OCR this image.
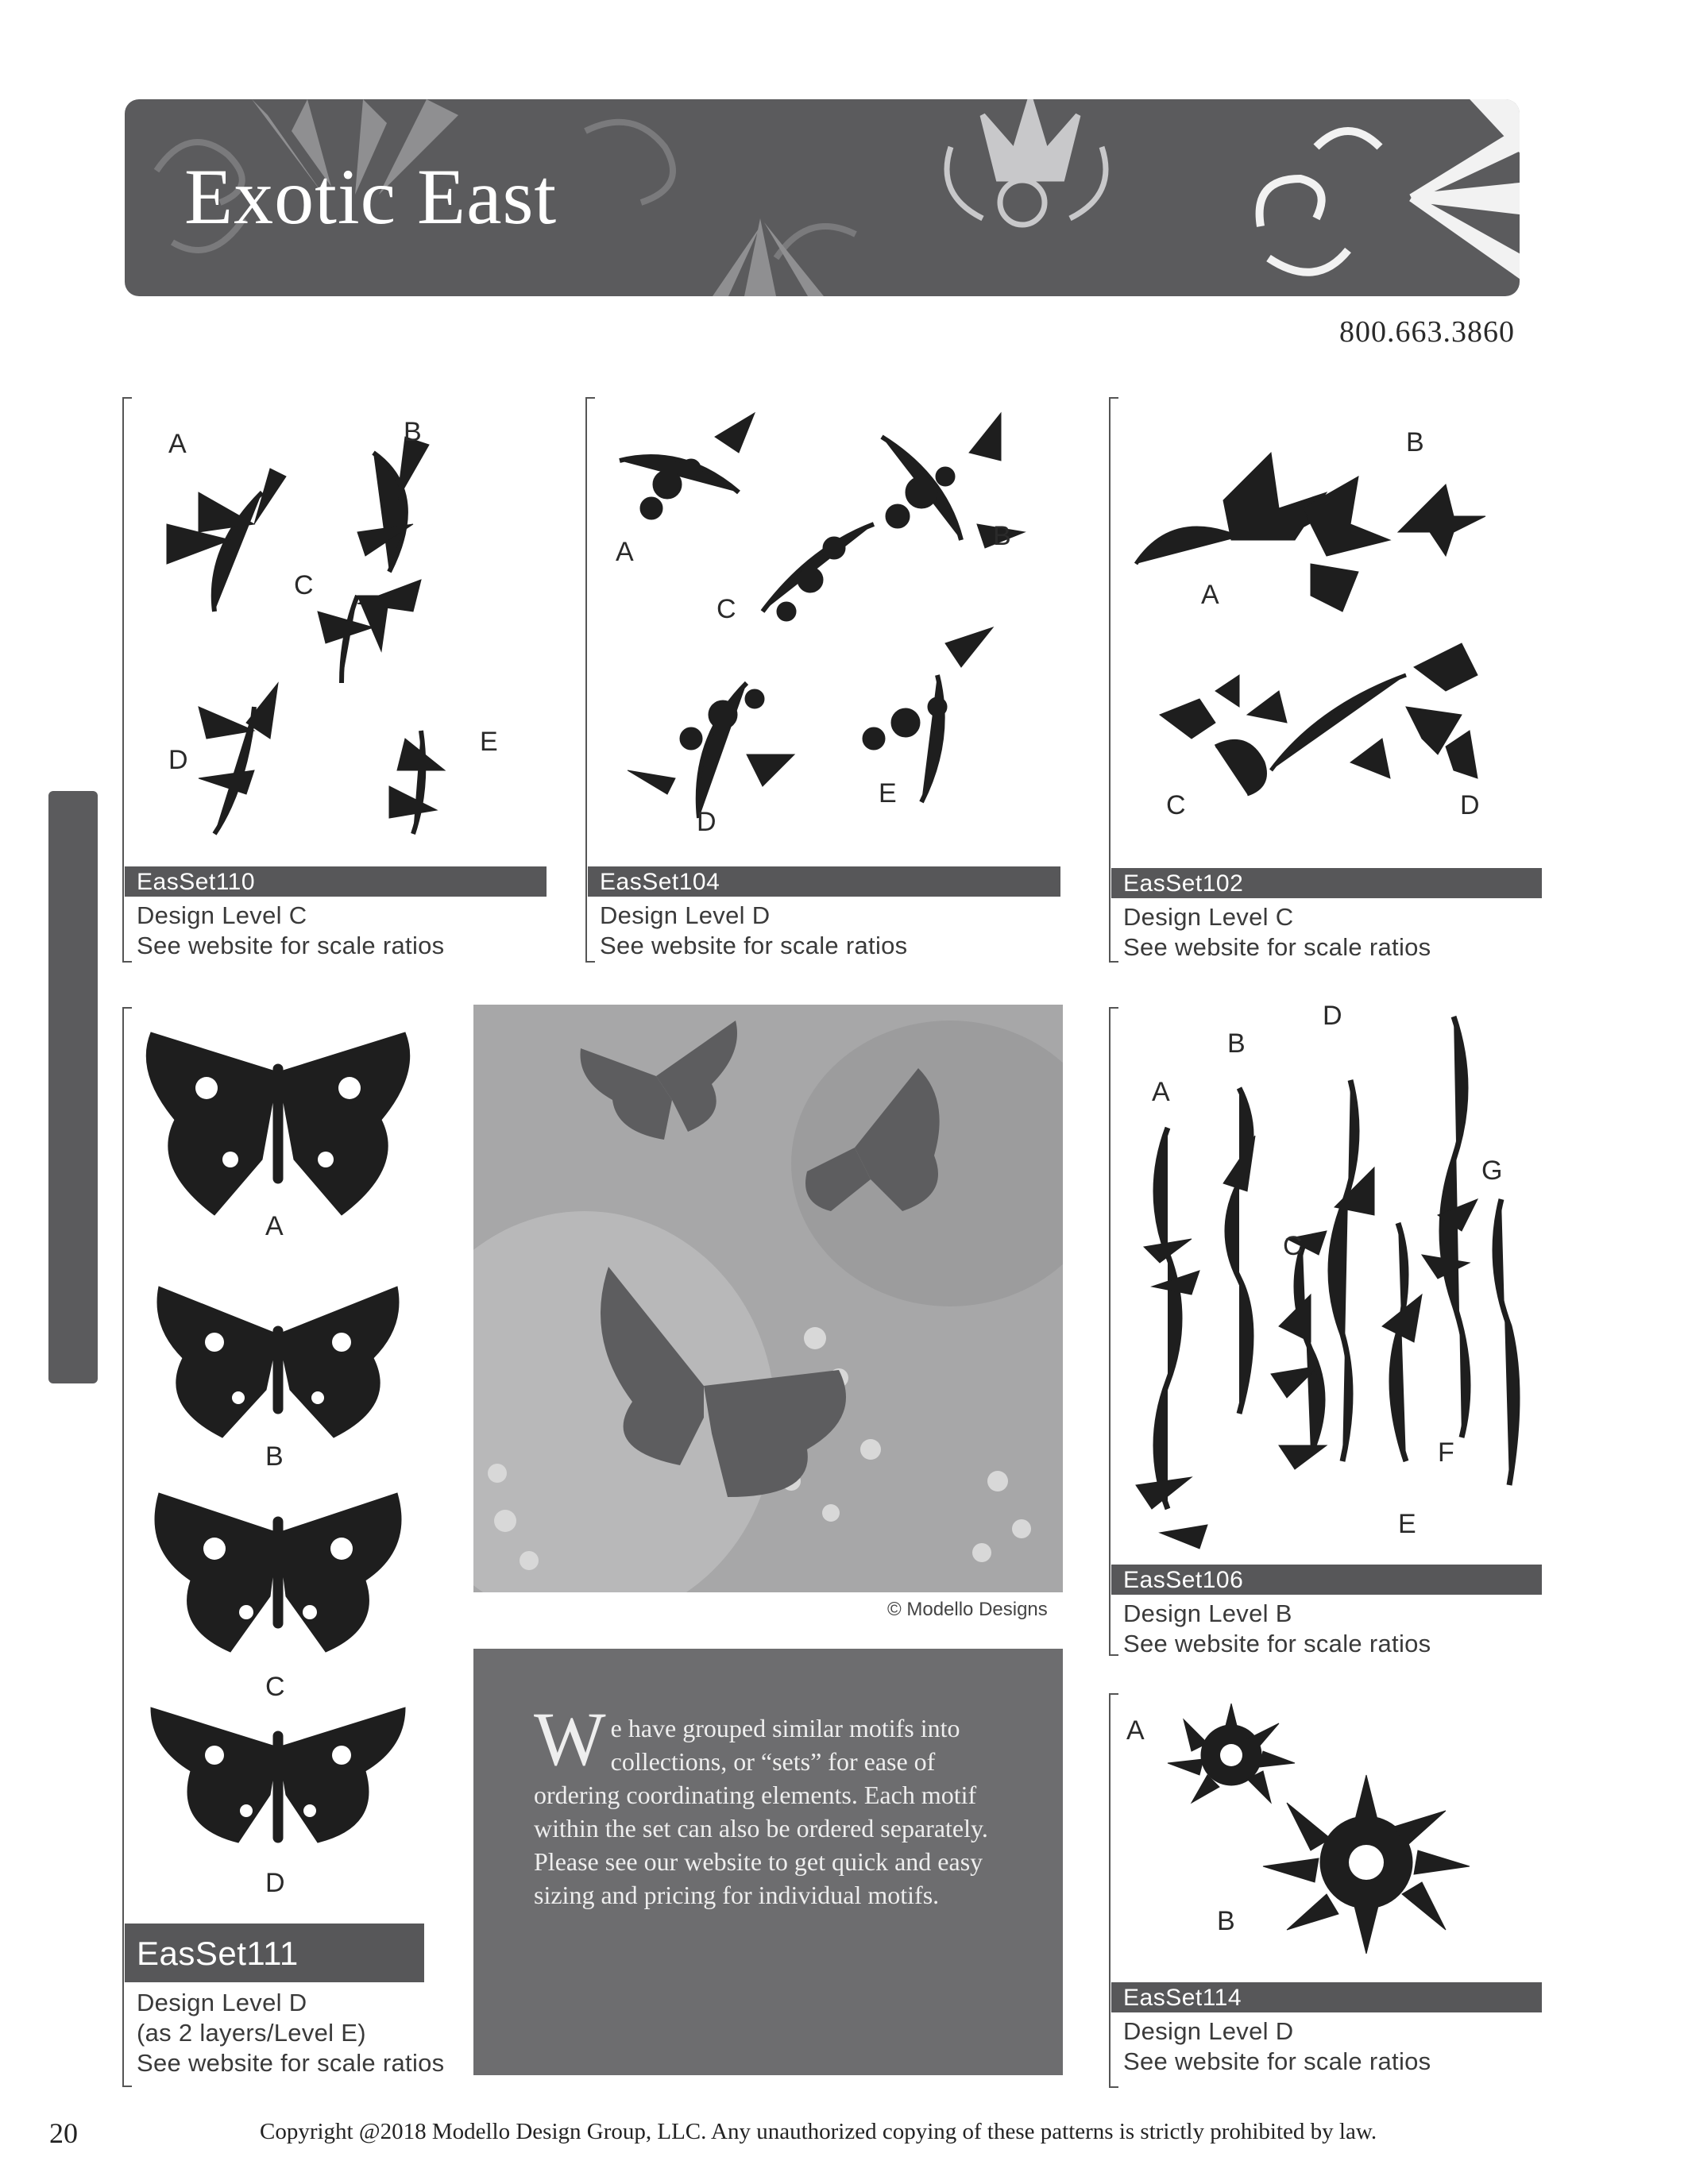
Exotic East
800.663.3860
EXOTIC EAST
A	B
C
D
E
EasSet110
Design Level C
See website for scale ratios
A
B
C
D
E
EasSet104
Design Level D
See website for scale ratios
B
A
C	D
EasSet102
Design Level C
See website for scale ratios
A
B
C
D
EasSet111
Design Level D
(as 2 layers/Level E)
See website for scale ratios
© Modello Designs
We have grouped similar motifs into collections, or “sets” for ease of ordering coordinating elements. Each motif within the set can also be ordered separately. Please see our website to get quick and easy sizing and pricing for individual motifs.
A
B
C
D
E
F
G
EasSet106
Design Level B
See website for scale ratios
A
B
EasSet114
Design Level D
See website for scale ratios
20	Copyright @2018 Modello Design Group, LLC. Any unauthorized copying of these patterns is strictly prohibited by law.
